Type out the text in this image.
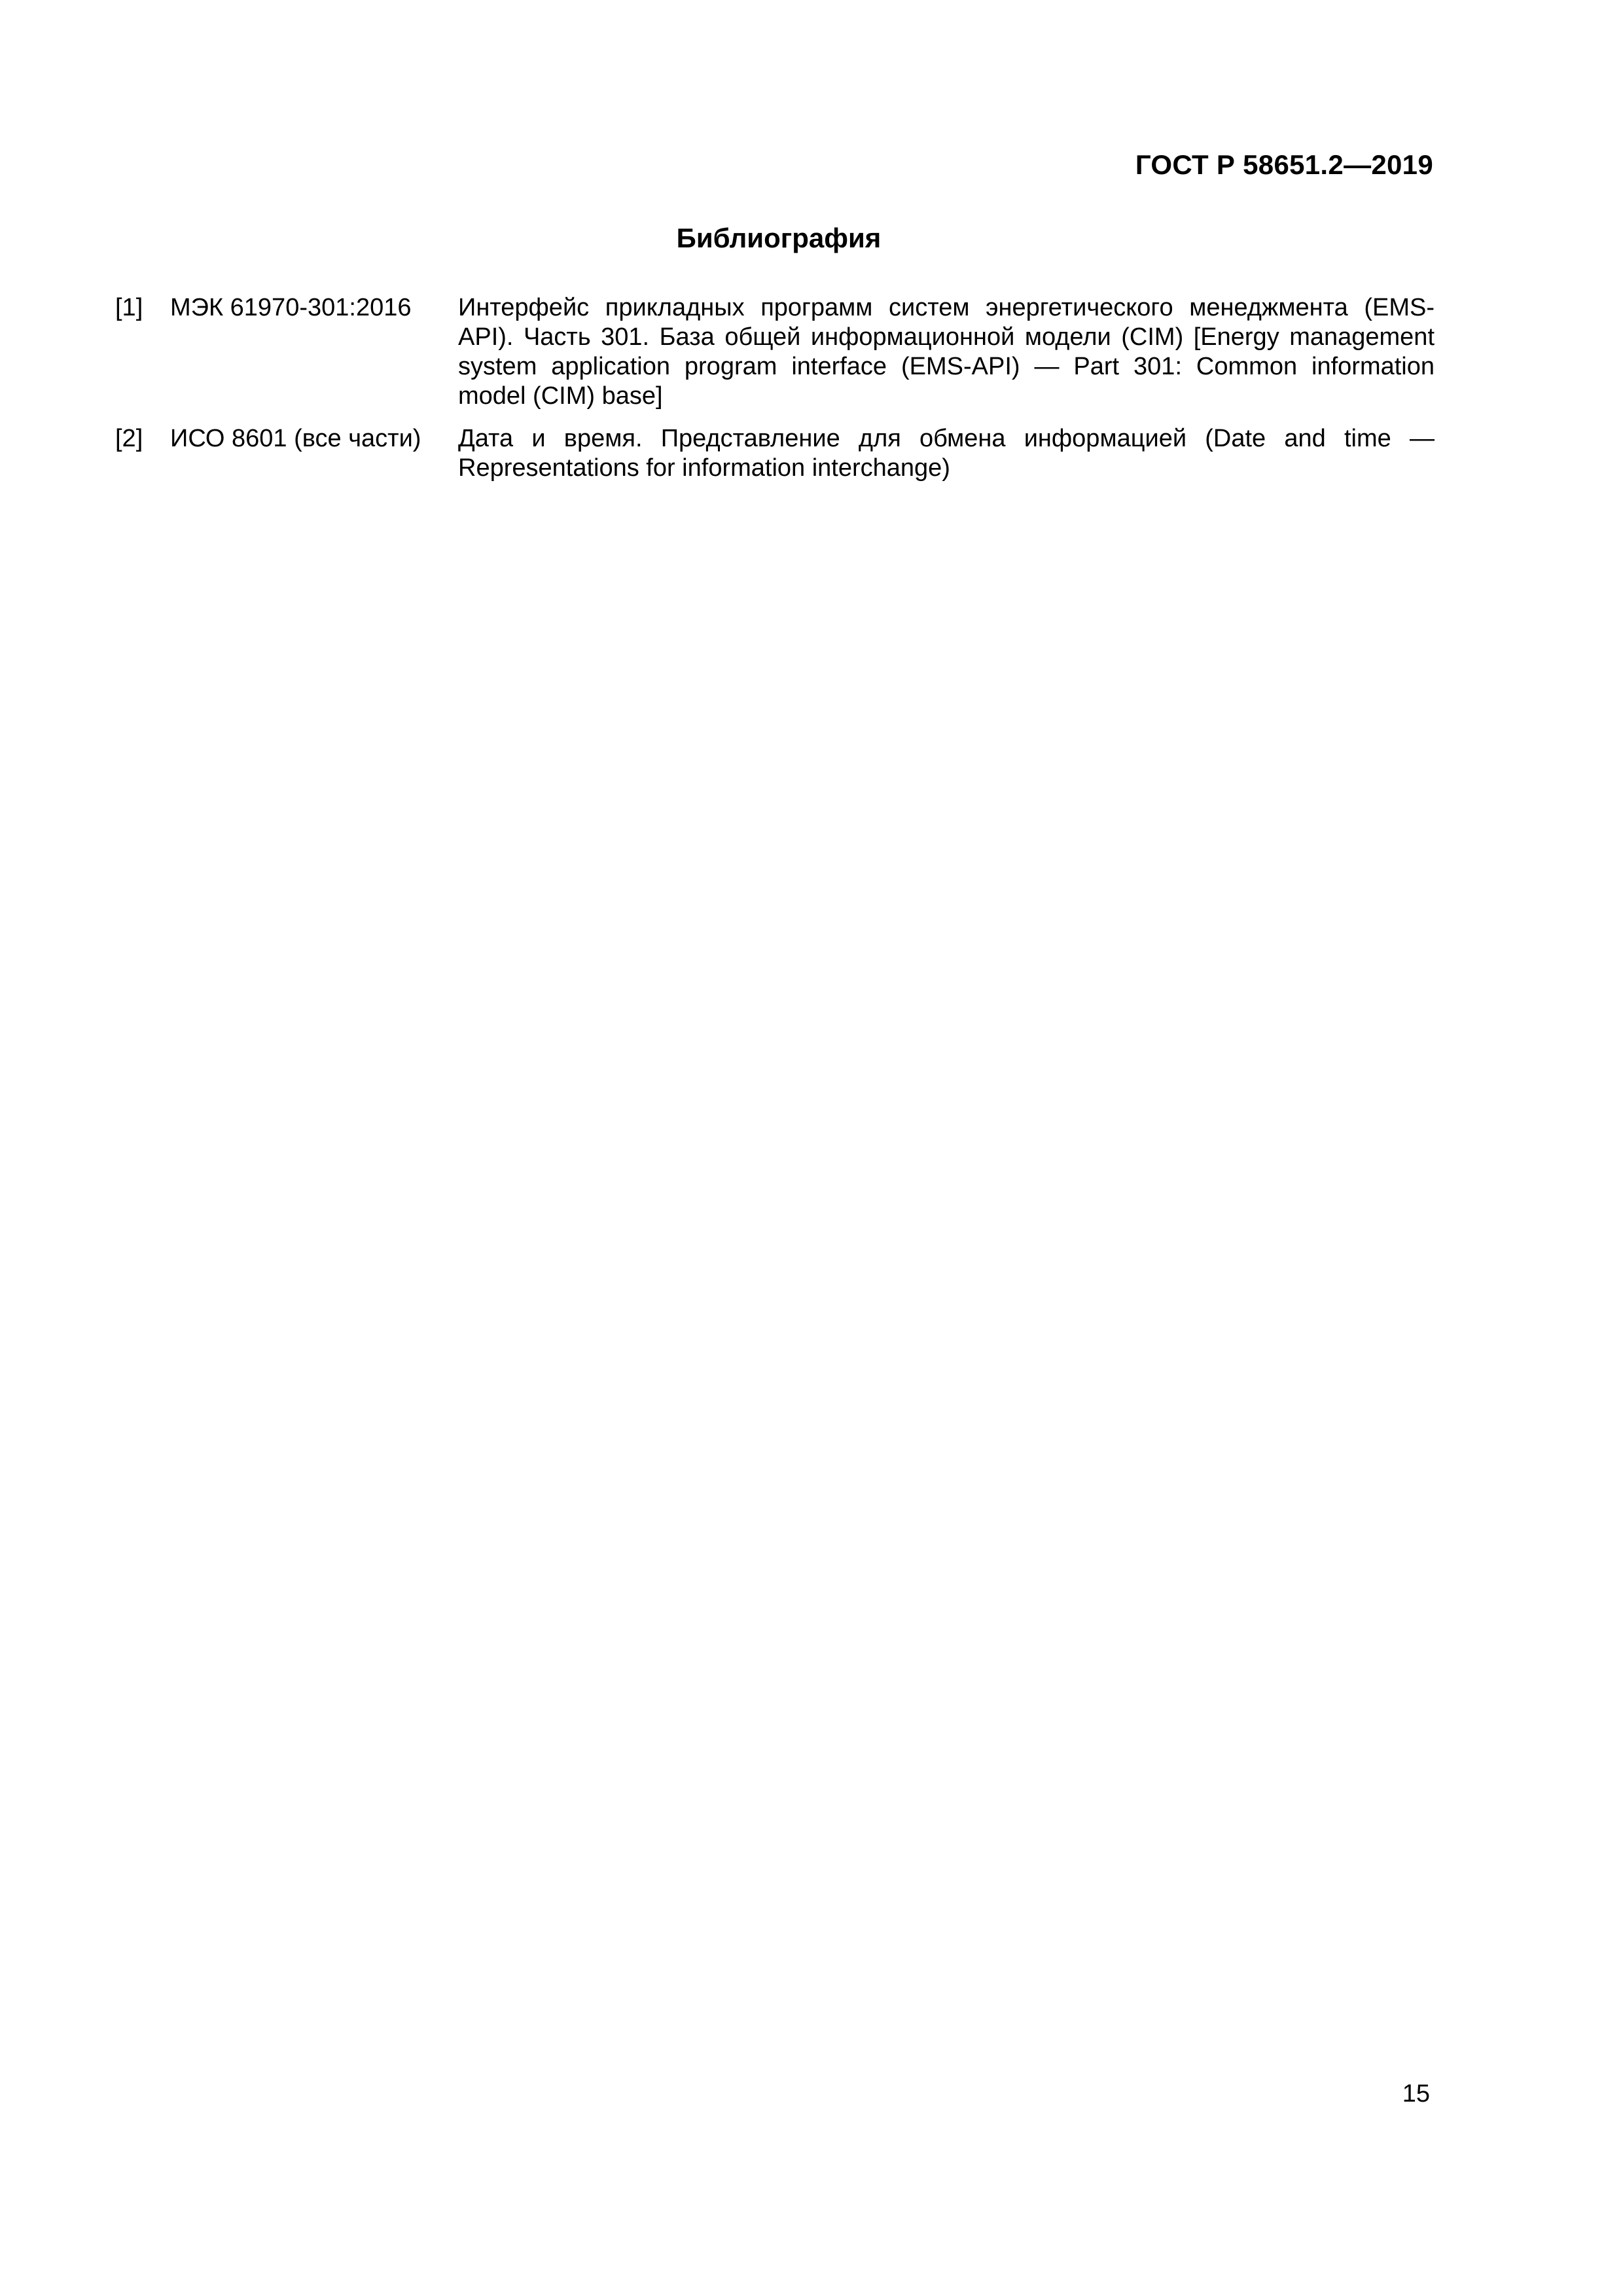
ГОСТ Р 58651.2—2019
Библиография
[1]	МЭК 61970-301:2016	Интерфейс прикладных программ систем энергетического менеджмента (EMS-API). Часть 301. База общей информационной модели (CIM) [Energy management system application program interface (EMS-API) — Part 301: Common information model (CIM) base]
[2]	ИСО 8601 (все части)	Дата и время. Представление для обмена информацией (Date and time — Representations for information interchange)
15
